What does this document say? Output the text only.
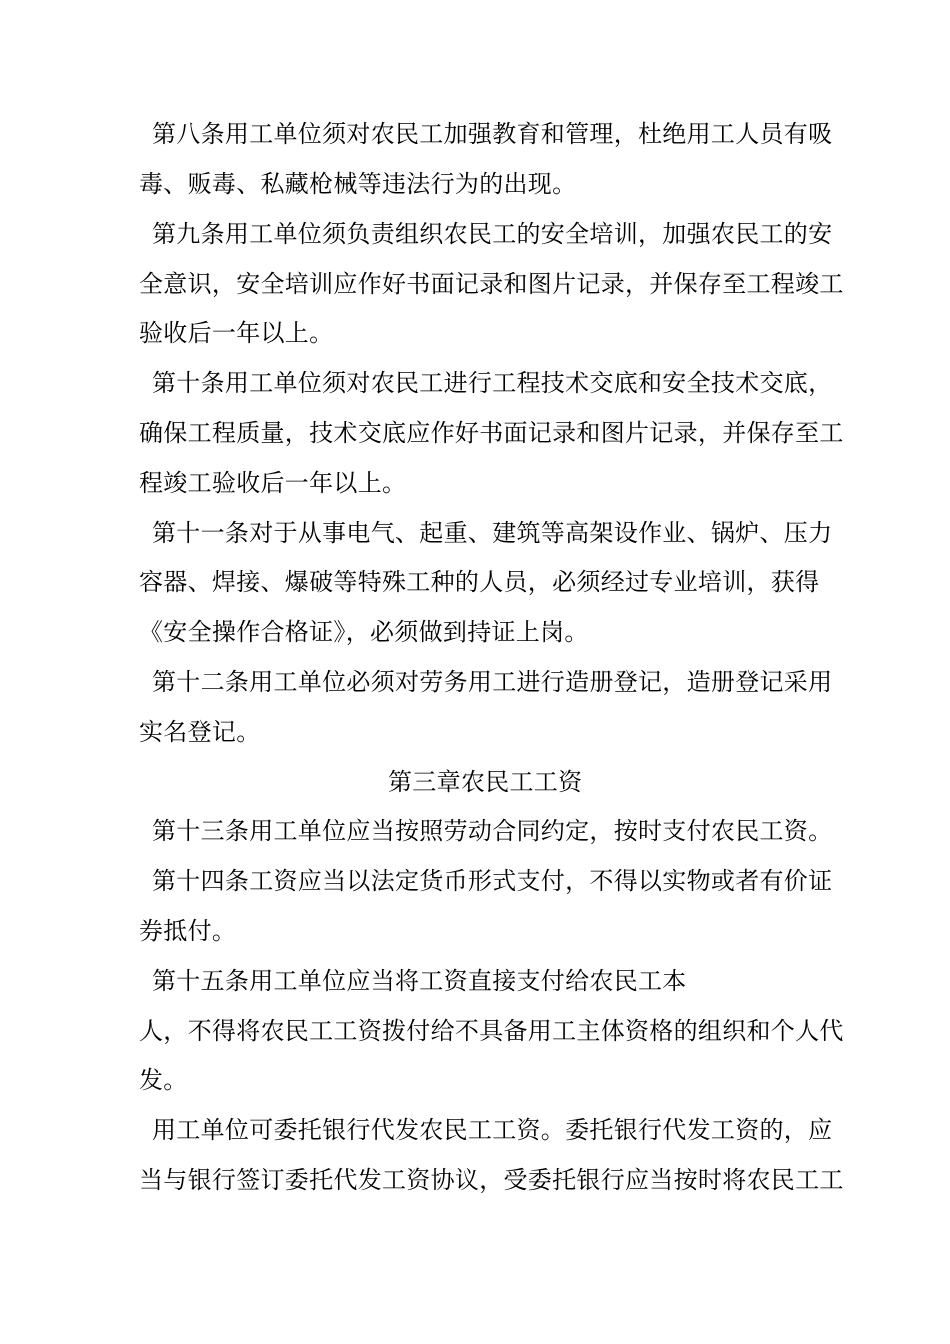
第八条用工单位须对农民工加强教育和管理，杜绝用工人员有吸
毒、贩毒、私藏枪械等违法行为的出现。
第九条用工单位须负责组织农民工的安全培训，加强农民工的安
全意识，安全培训应作好书面记录和图片记录，并保存至工程竣工
验收后一年以上。
第十条用工单位须对农民工进行工程技术交底和安全技术交底，
确保工程质量，技术交底应作好书面记录和图片记录，并保存至工
程竣工验收后一年以上。
第十一条对于从事电气、起重、建筑等高架设作业、锅炉、压力
容器、焊接、爆破等特殊工种的人员，必须经过专业培训，获得
《安全操作合格证》，必须做到持证上岗。
第十二条用工单位必须对劳务用工进行造册登记，造册登记采用
实名登记。
第三章农民工工资
第十三条用工单位应当按照劳动合同约定，按时支付农民工资。
第十四条工资应当以法定货币形式支付，不得以实物或者有价证
券抵付。
第十五条用工单位应当将工资直接支付给农民工本
人，不得将农民工工资拨付给不具备用工主体资格的组织和个人代
发。
用工单位可委托银行代发农民工工资。委托银行代发工资的，应
当与银行签订委托代发工资协议，受委托银行应当按时将农民工工
